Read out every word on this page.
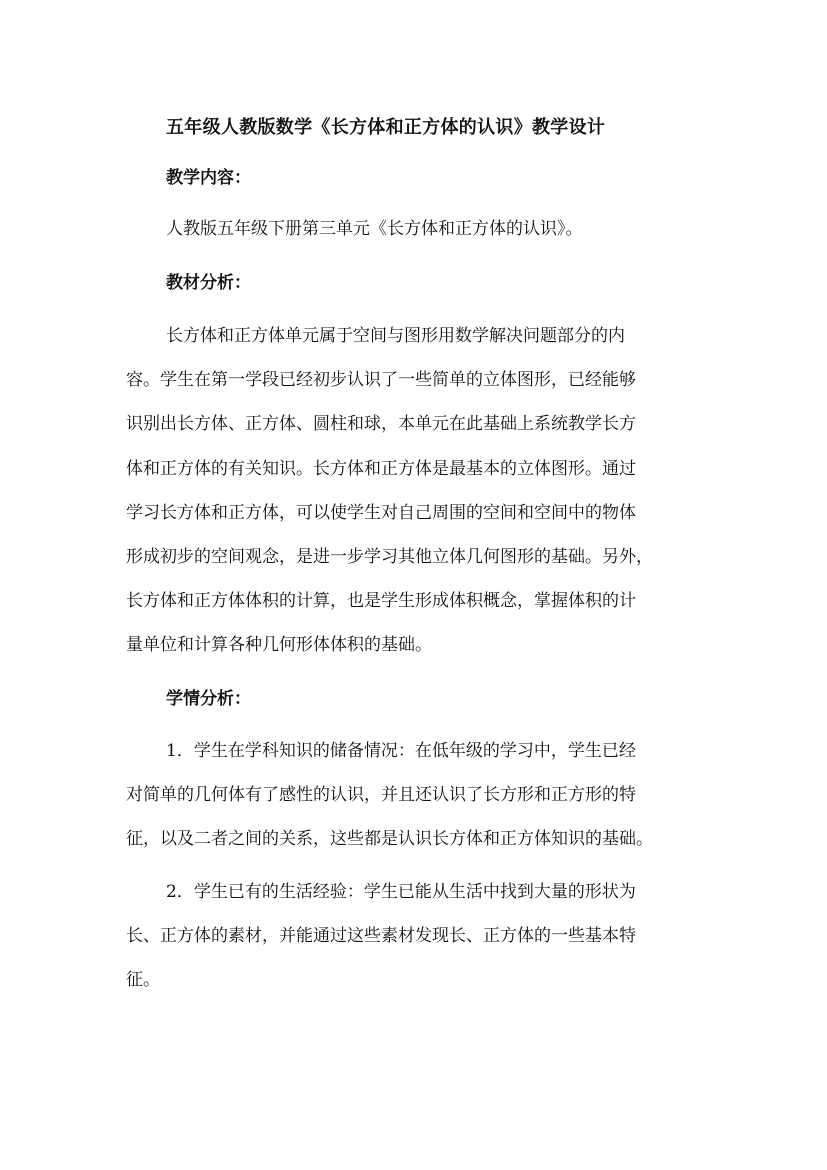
五年级人教版数学《长方体和正方体的认识》教学设计
教学内容：
人教版五年级下册第三单元《长方体和正方体的认识》。
教材分析：
长方体和正方体单元属于空间与图形用数学解决问题部分的内
容。学生在第一学段已经初步认识了一些简单的立体图形，已经能够
识别出长方体、正方体、圆柱和球，本单元在此基础上系统教学长方
体和正方体的有关知识。长方体和正方体是最基本的立体图形。通过
学习长方体和正方体，可以使学生对自己周围的空间和空间中的物体
形成初步的空间观念，是进一步学习其他立体几何图形的基础。另外，
长方体和正方体体积的计算，也是学生形成体积概念，掌握体积的计
量单位和计算各种几何形体体积的基础。
学情分析：
1．学生在学科知识的储备情况：在低年级的学习中，学生已经
对简单的几何体有了感性的认识，并且还认识了长方形和正方形的特
征，以及二者之间的关系，这些都是认识长方体和正方体知识的基础。
2．学生已有的生活经验：学生已能从生活中找到大量的形状为
长、正方体的素材，并能通过这些素材发现长、正方体的一些基本特
征。
